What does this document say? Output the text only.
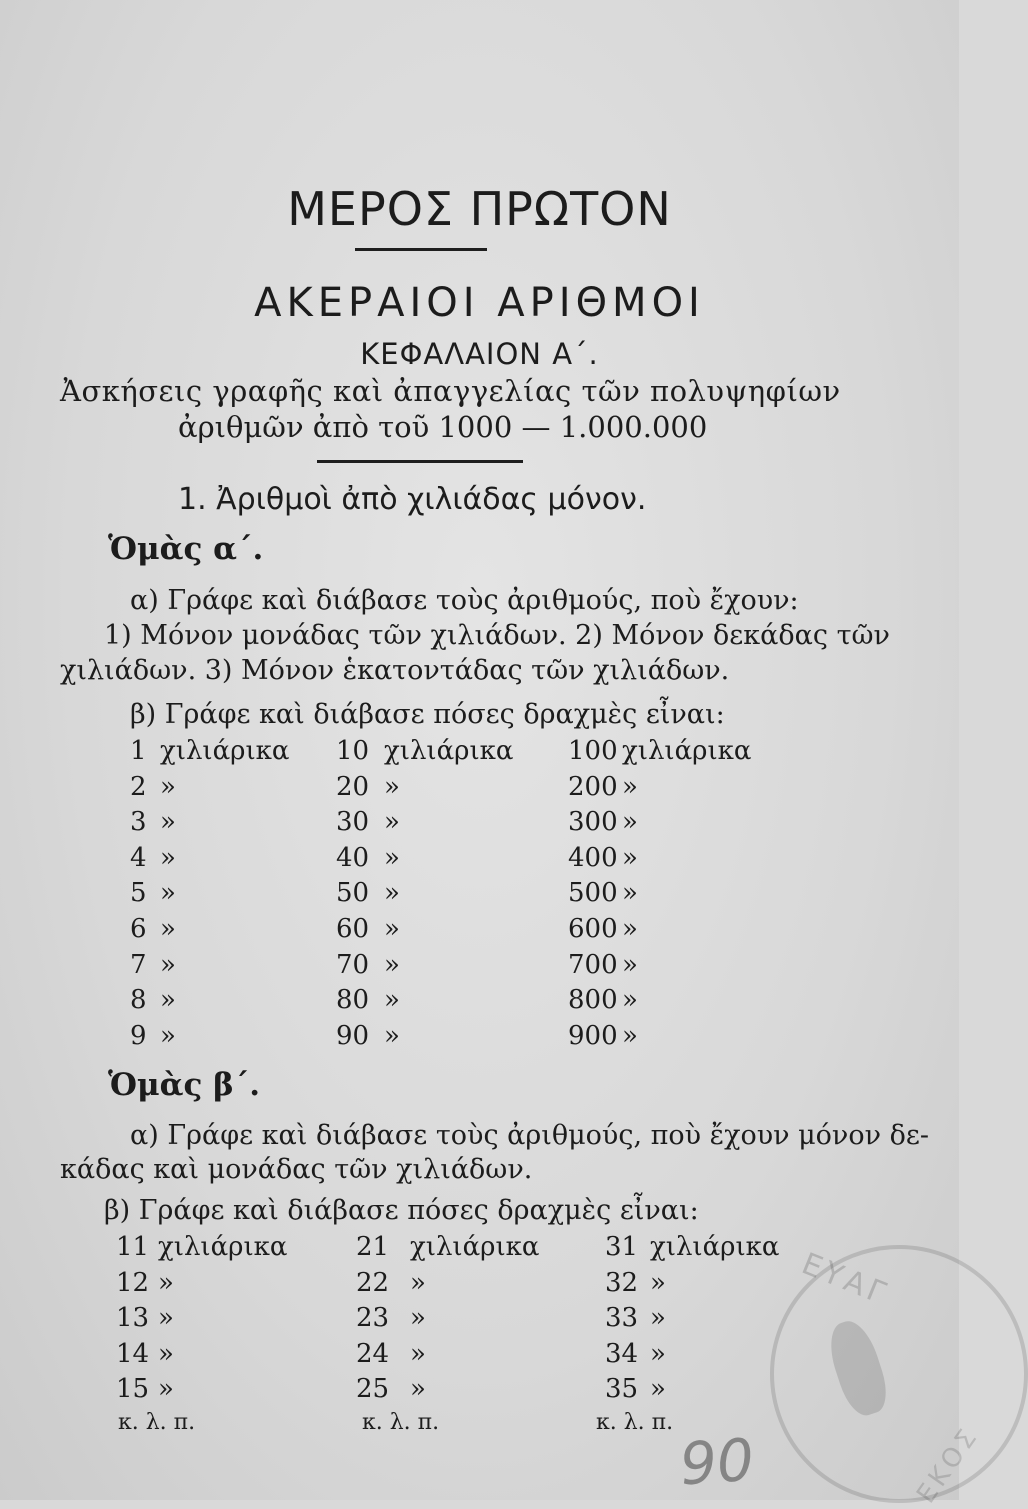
ΜΕΡΟΣ ΠΡΩΤΟΝ
ΑΚΕΡΑΙΟΙ ΑΡΙΘΜΟΙ
ΚΕΦΑΛΑΙΟΝ Α΄.
Ἀσκήσεις γραφῆς καὶ ἀπαγγελίας τῶν πολυψηφίων
ἀριθμῶν ἀπὸ τοῦ 1000 — 1.000.000
1. Ἀριθμοὶ ἀπὸ χιλιάδας μόνον.
Ὁμὰς α΄.
α) Γράφε καὶ διάβασε τοὺς ἀριθμούς, ποὺ ἔχουν:
1) Μόνον μονάδας τῶν χιλιάδων. 2) Μόνον δεκάδας τῶν
χιλιάδων. 3) Μόνον ἑκατοντάδας τῶν χιλιάδων.
β) Γράφε καὶ διάβασε πόσες δραχμὲς εἶναι:
1 χιλιάρικα 10 χιλιάρικα 100 χιλιάρικα
2 »	20 »	200 »
3 »	30 »	300 »
4 »	40 »	400 »
5 »	50 »	500 »
6 »	60 »	600 »
7 »	70 »	700 »
8 »	80 »	800 »
9 »	90 »	900 »
Ὁμὰς β΄.
α) Γράφε καὶ διάβασε τοὺς ἀριθμούς, ποὺ ἔχουν μόνον δε-
κάδας καὶ μονάδας τῶν χιλιάδων.
β) Γράφε καὶ διάβασε πόσες δραχμὲς εἶναι:
11 χιλιάρικα	21 χιλιάρικα	31 χιλιάρικα
12 »	22 »	32 »
13 »	23 »	33 »
14 »	24 »	34 »
15 »	25 »	35 »
κ. λ. π.	κ. λ. π.	κ. λ. π.
ΕΥΑΓ
ΕΚΟΣ
90
